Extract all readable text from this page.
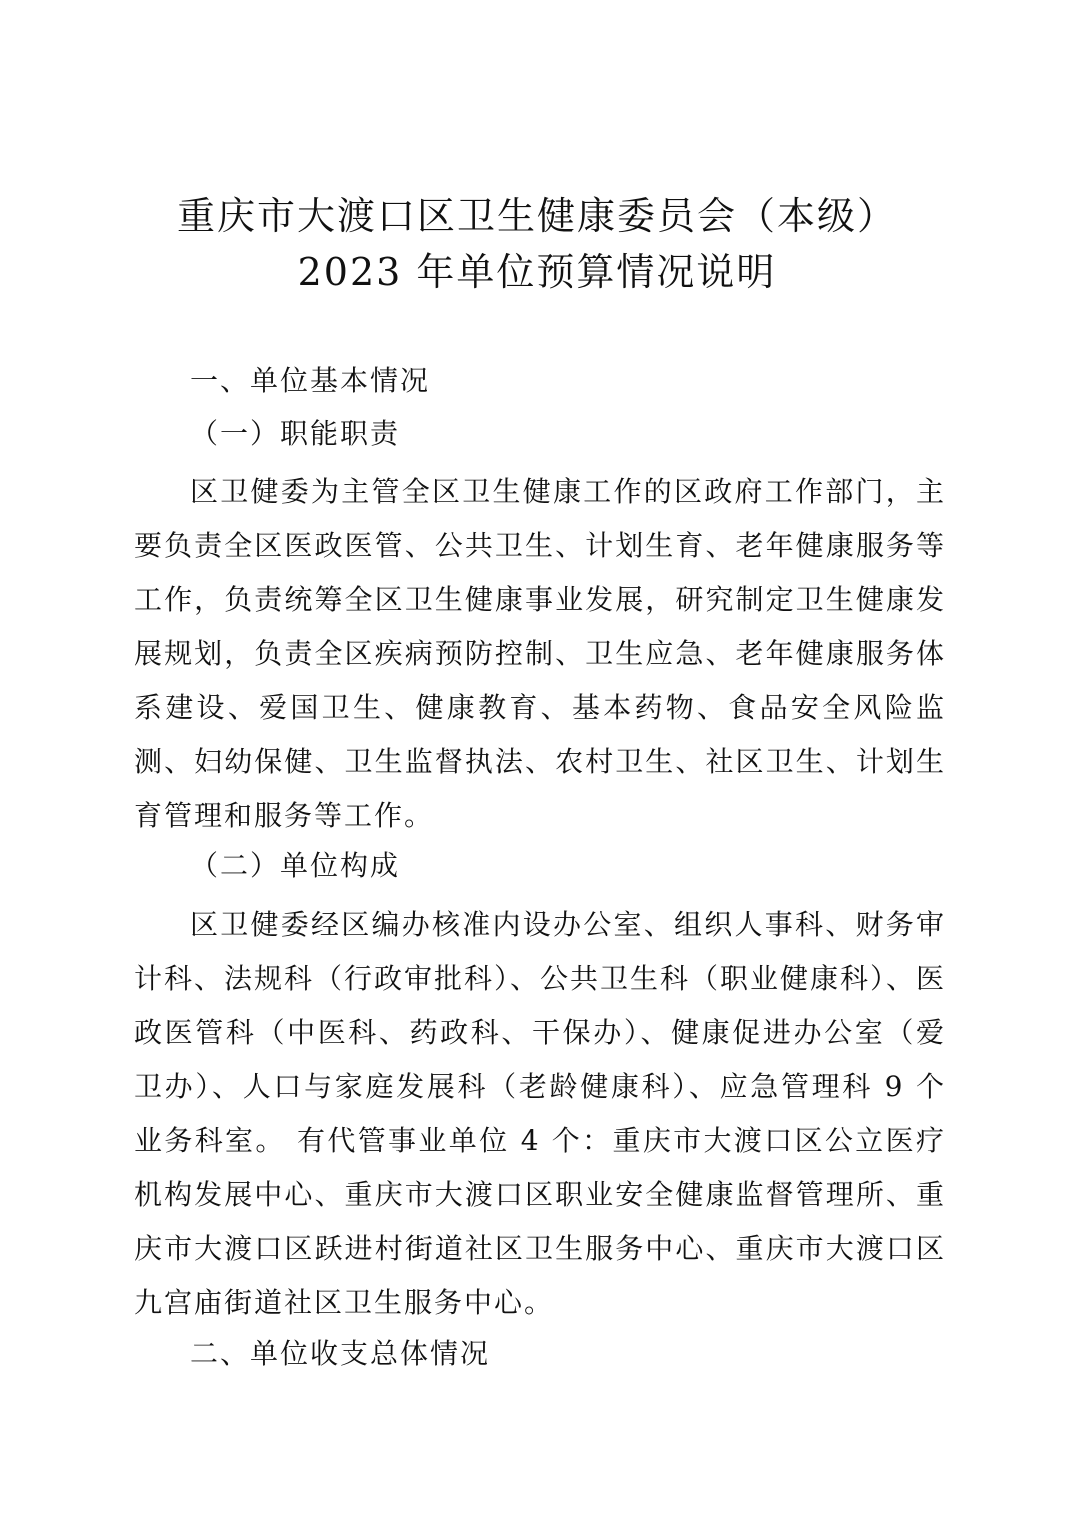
重庆市大渡口区卫生健康委员会（本级）
2023 年单位预算情况说明
一、单位基本情况
（一）职能职责

区卫健委为主管全区卫生健康工作的区政府工作部门，主要负责全区医政医管、公共卫生、计划生育、老年健康服务等工作，负责统筹全区卫生健康事业发展，研究制定卫生健康发展规划，负责全区疾病预防控制、卫生应急、老年健康服务体系建设、爱国卫生、健康教育、基本药物、食品安全风险监测、妇幼保健、卫生监督执法、农村卫生、社区卫生、计划生育管理和服务等工作。

（二）单位构成

区卫健委经区编办核准内设办公室、组织人事科、财务审计科、法规科（行政审批科）、公共卫生科（职业健康科）、医政医管科（中医科、药政科、干保办）、健康促进办公室（爱卫办）、人口与家庭发展科（老龄健康科）、应急管理科 9 个业务科室。 有代管事业单位 4 个：重庆市大渡口区公立医疗机构发展中心、重庆市大渡口区职业安全健康监督管理所、重庆市大渡口区跃进村街道社区卫生服务中心、重庆市大渡口区九宫庙街道社区卫生服务中心。

二、单位收支总体情况
